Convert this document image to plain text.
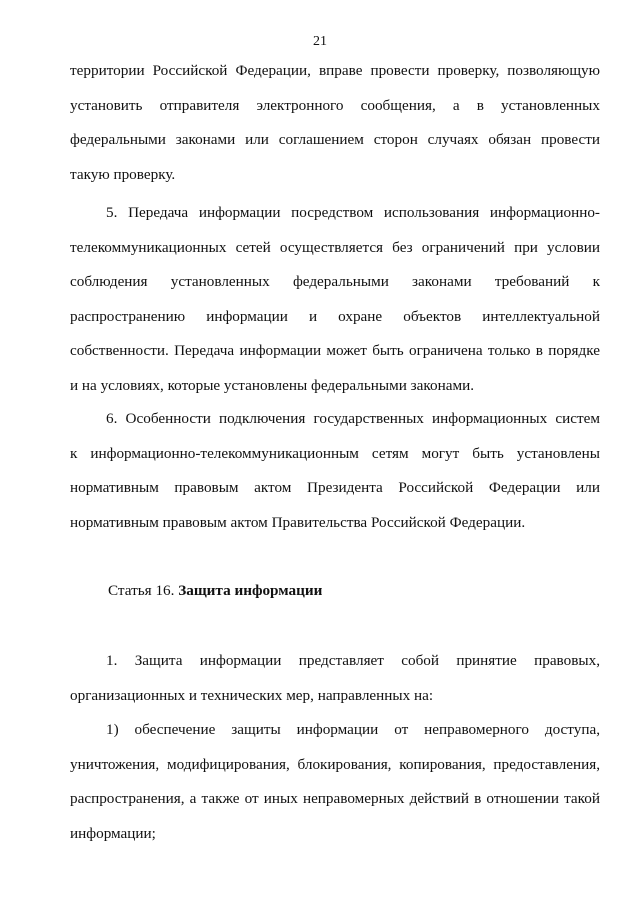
21
территории Российской Федерации, вправе провести проверку, позволяющую
установить отправителя электронного сообщения, а в установленных
федеральными законами или соглашением сторон случаях обязан провести
такую проверку.
5. Передача информации посредством использования информационно-
телекоммуникационных сетей осуществляется без ограничений при условии
соблюдения установленных федеральными законами требований к
распространению информации и охране объектов интеллектуальной
собственности. Передача информации может быть ограничена только в порядке
и на условиях, которые установлены федеральными законами.
6. Особенности подключения государственных информационных систем
к информационно-телекоммуникационным сетям могут быть установлены
нормативным правовым актом Президента Российской Федерации или
нормативным правовым актом Правительства Российской Федерации.
Статья 16. Защита информации
1. Защита информации представляет собой принятие правовых,
организационных и технических мер, направленных на:
1) обеспечение защиты информации от неправомерного доступа,
уничтожения, модифицирования, блокирования, копирования, предоставления,
распространения, а также от иных неправомерных действий в отношении такой
информации;
